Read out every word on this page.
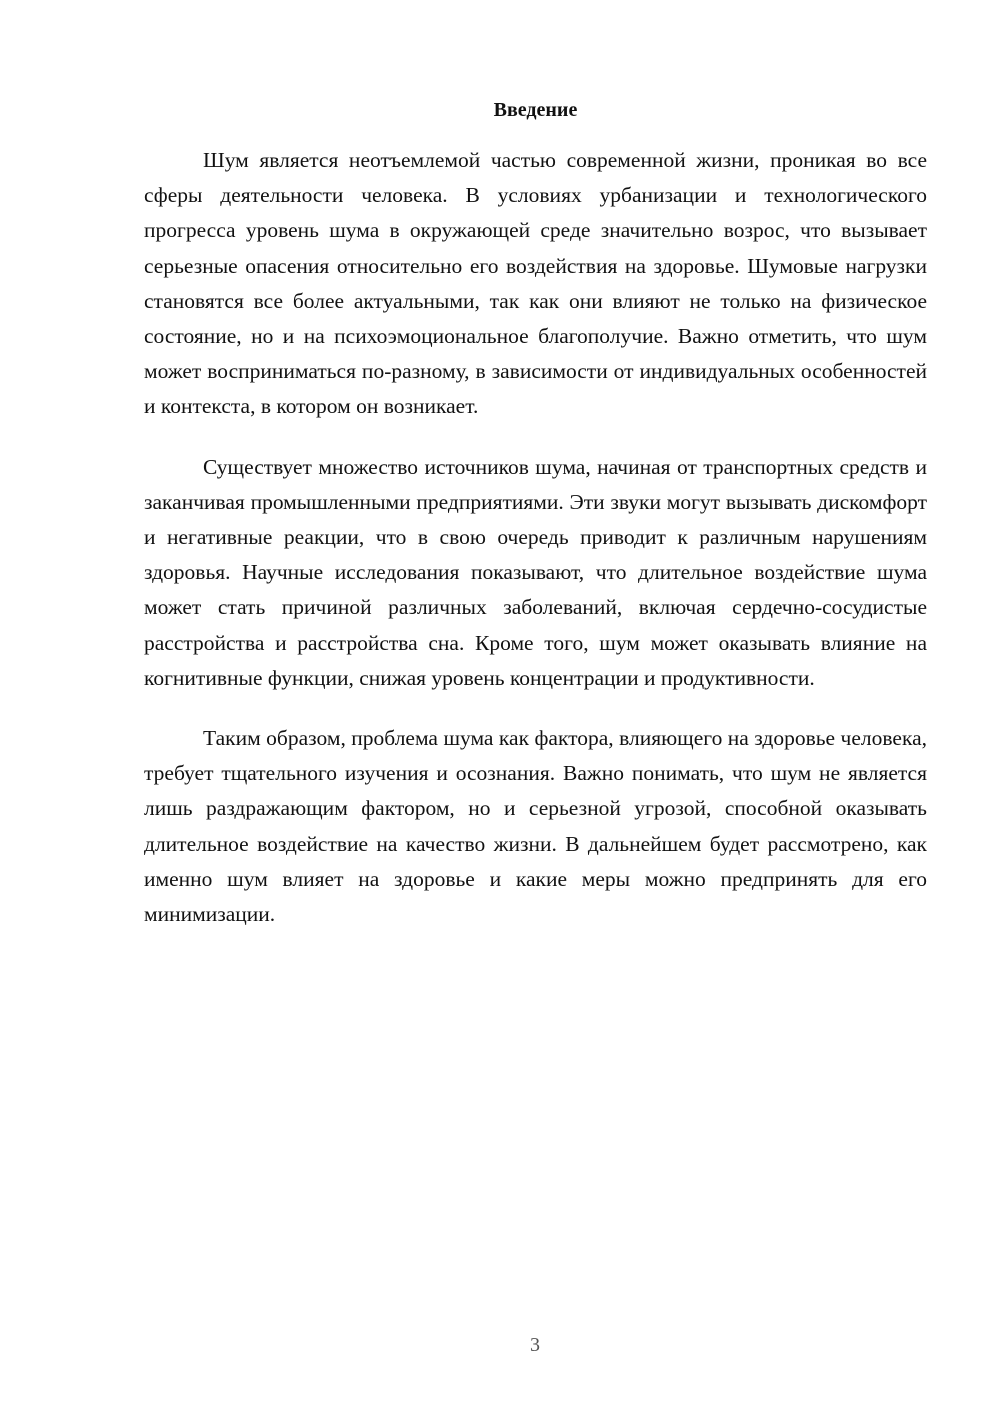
Введение

Шум является неотъемлемой частью современной жизни, проникая во все сферы деятельности человека. В условиях урбанизации и технологического прогресса уровень шума в окружающей среде значительно возрос, что вызывает серьезные опасения относительно его воздействия на здоровье. Шумовые нагрузки становятся все более актуальными, так как они влияют не только на физическое состояние, но и на психоэмоциональное благополучие. Важно отметить, что шум может восприниматься по-разному, в зависимости от индивидуальных особенностей и контекста, в котором он возникает.

Существует множество источников шума, начиная от транспортных средств и заканчивая промышленными предприятиями. Эти звуки могут вызывать дискомфорт и негативные реакции, что в свою очередь приводит к различным нарушениям здоровья. Научные исследования показывают, что длительное воздействие шума может стать причиной различных заболеваний, включая сердечно-сосудистые расстройства и расстройства сна. Кроме того, шум может оказывать влияние на когнитивные функции, снижая уровень концентрации и продуктивности.

Таким образом, проблема шума как фактора, влияющего на здоровье человека, требует тщательного изучения и осознания. Важно понимать, что шум не является лишь раздражающим фактором, но и серьезной угрозой, способной оказывать длительное воздействие на качество жизни. В дальнейшем будет рассмотрено, как именно шум влияет на здоровье и какие меры можно предпринять для его минимизации.

3
